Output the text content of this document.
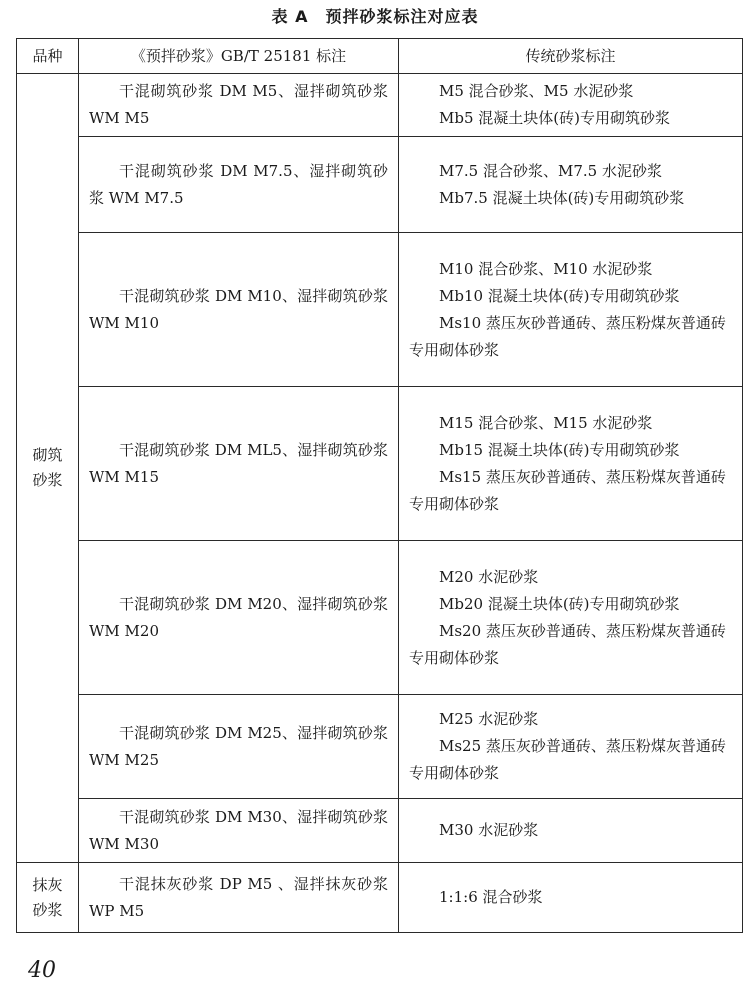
表 A　预拌砂浆标注对应表
品种	《预拌砂浆》GB/T 25181 标注	传统砂浆标注
砌筑砂浆	干混砌筑砂浆 DM M5、湿拌砌筑砂浆 WM M5	M5 混合砂浆、M5 水泥砂浆
Mb5 混凝土块体(砖)专用砌筑砂浆

	干混砌筑砂浆 DM M7.5、湿拌砌筑砂浆 WM M7.5	M7.5 混合砂浆、M7.5 水泥砂浆
Mb7.5 混凝土块体(砖)专用砌筑砂浆

	干混砌筑砂浆 DM M10、湿拌砌筑砂浆 WM M10	M10 混合砂浆、M10 水泥砂浆
Mb10 混凝土块体(砖)专用砌筑砂浆
Ms10 蒸压灰砂普通砖、蒸压粉煤灰普通砖专用砌体砂浆

	干混砌筑砂浆 DM ML5、湿拌砌筑砂浆 WM M15	M15 混合砂浆、M15 水泥砂浆
Mb15 混凝土块体(砖)专用砌筑砂浆
Ms15 蒸压灰砂普通砖、蒸压粉煤灰普通砖专用砌体砂浆

	干混砌筑砂浆 DM M20、湿拌砌筑砂浆 WM M20	M20 水泥砂浆
Mb20 混凝土块体(砖)专用砌筑砂浆
Ms20 蒸压灰砂普通砖、蒸压粉煤灰普通砖专用砌体砂浆

	干混砌筑砂浆 DM M25、湿拌砌筑砂浆 WM M25	M25 水泥砂浆
Ms25 蒸压灰砂普通砖、蒸压粉煤灰普通砖专用砌体砂浆

	干混砌筑砂浆 DM M30、湿拌砌筑砂浆 WM M30	M30 水泥砂浆

抹灰砂浆	干混抹灰砂浆 DP M5 、湿拌抹灰砂浆 WP M5	1:1:6 混合砂浆
40
